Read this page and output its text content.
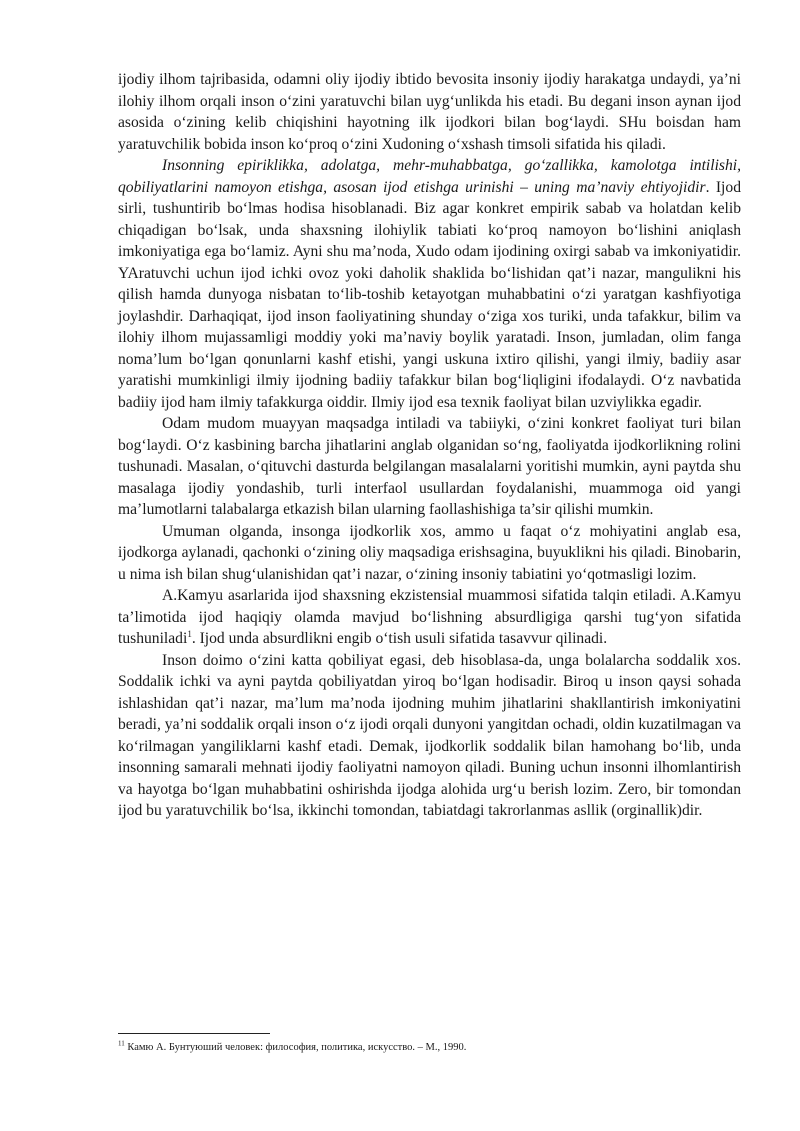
ijodiy ilhom tajribasida, odamni oliy ijodiy ibtido bevosita insoniy ijodiy harakatga undaydi, ya’ni ilohiy ilhom orqali inson o‘zini yaratuvchi bilan uyg‘unlikda his etadi. Bu degani inson aynan ijod asosida o‘zining kelib chiqishini hayotning ilk ijodkori bilan bog‘laydi. SHu boisdan ham yaratuvchilik bobida inson ko‘proq o‘zini Xudoning o‘xshash timsoli sifatida his qiladi.

Insonning epiriklikka, adolatga, mehr-muhabbatga, go‘zallikka, kamolotga intilishi, qobiliyatlarini namoyon etishga, asosan ijod etishga urinishi – uning ma’naviy ehtiyojidir. Ijod sirli, tushuntirib bo‘lmas hodisa hisoblanadi. Biz agar konkret empirik sabab va holatdan kelib chiqadigan bo‘lsak, unda shaxsning ilohiylik tabiati ko‘proq namoyon bo‘lishini aniqlash imkoniyatiga ega bo‘lamiz. Ayni shu ma’noda, Xudo odam ijodining oxirgi sabab va imkoniyatidir. YAratuvchi uchun ijod ichki ovoz yoki daholik shaklida bo‘lishidan qat’i nazar, mangulikni his qilish hamda dunyoga nisbatan to‘lib-toshib ketayotgan muhabbatini o‘zi yaratgan kashfiyotiga joylashdir. Darhaqiqat, ijod inson faoliyatining shunday o‘ziga xos turiki, unda tafakkur, bilim va ilohiy ilhom mujassamligi moddiy yoki ma’naviy boylik yaratadi. Inson, jumladan, olim fanga noma’lum bo‘lgan qonunlarni kashf etishi, yangi uskuna ixtiro qilishi, yangi ilmiy, badiiy asar yaratishi mumkinligi ilmiy ijodning badiiy tafakkur bilan bog‘liqligini ifodalaydi. O‘z navbatida badiiy ijod ham ilmiy tafakkurga oiddir. Ilmiy ijod esa texnik faoliyat bilan uzviylikka egadir.

Odam mudom muayyan maqsadga intiladi va tabiiyki, o‘zini konkret faoliyat turi bilan bog‘laydi. O‘z kasbining barcha jihatlarini anglab olganidan so‘ng, faoliyatda ijodkorlikning rolini tushunadi. Masalan, o‘qituvchi dasturda belgilangan masalalarni yoritishi mumkin, ayni paytda shu masalaga ijodiy yondashib, turli interfaol usullardan foydalanishi, muammoga oid yangi ma’lumotlarni talabalarga etkazish bilan ularning faollashishiga ta’sir qilishi mumkin.

Umuman olganda, insonga ijodkorlik xos, ammo u faqat o‘z mohiyatini anglab esa, ijodkorga aylanadi, qachonki o‘zining oliy maqsadiga erishsagina, buyuklikni his qiladi. Binobarin, u nima ish bilan shug‘ulanishidan qat’i nazar, o‘zining insoniy tabiatini yo‘qotmasligi lozim.

A.Kamyu asarlarida ijod shaxsning ekzistensial muammosi sifatida talqin etiladi. A.Kamyu ta’limotida ijod haqiqiy olamda mavjud bo‘lishning absurdligiga qarshi tug‘yon sifatida tushuniladi$^1$. Ijod unda absurdlikni engib o‘tish usuli sifatida tasavvur qilinadi.

Inson doimo o‘zini katta qobiliyat egasi, deb hisoblasa-da, unga bolalarcha soddalik xos. Soddalik ichki va ayni paytda qobiliyatdan yiroq bo‘lgan hodisadir. Biroq u inson qaysi sohada ishlashidan qat’i nazar, ma’lum ma’noda ijodning muhim jihatlarini shakllantirish imkoniyatini beradi, ya’ni soddalik orqali inson o‘z ijodi orqali dunyoni yangitdan ochadi, oldin kuzatilmagan va ko‘rilmagan yangiliklarni kashf etadi. Demak, ijodkorlik soddalik bilan hamohang bo‘lib, unda insonning samarali mehnati ijodiy faoliyatni namoyon qiladi. Buning uchun insonni ilhomlantirish va hayotga bo‘lgan muhabbatini oshirishda ijodga alohida urg‘u berish lozim. Zero, bir tomondan ijod bu yaratuvchilik bo‘lsa, ikkinchi tomondan, tabiatdagi takrorlanmas asllik (orginallik)dir.

$^{11}$ Камю А. Бунтуюший человек: философия, политика, искусство. – М., 1990.
